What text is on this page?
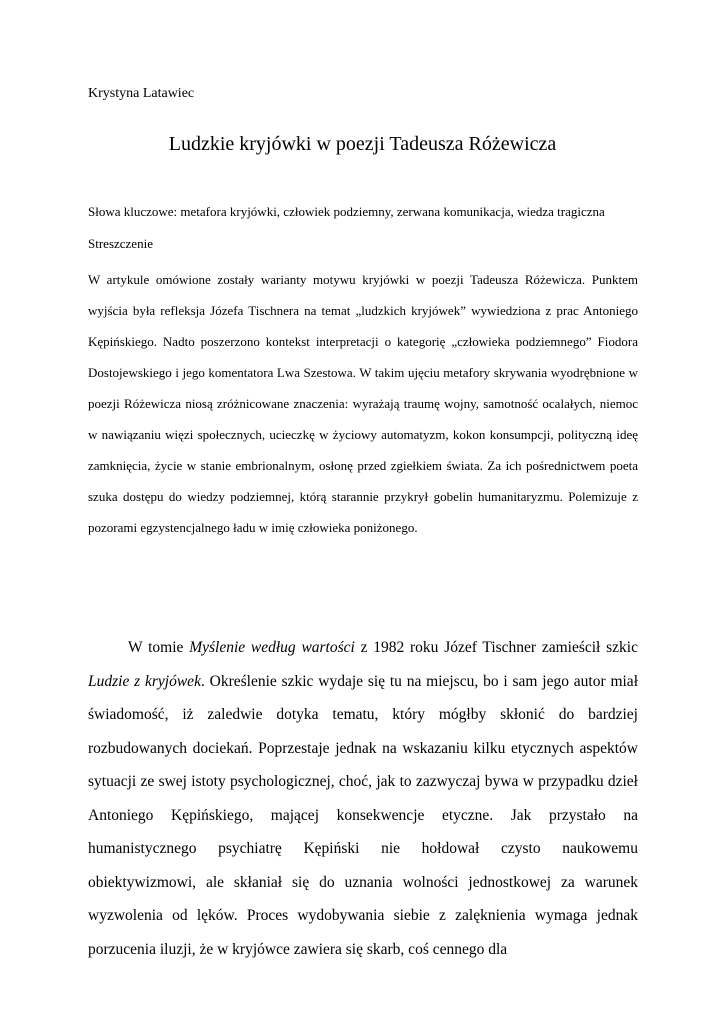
Krystyna Latawiec
Ludzkie kryjówki w poezji Tadeusza Różewicza
Słowa kluczowe: metafora kryjówki, człowiek podziemny, zerwana komunikacja, wiedza tragiczna
Streszczenie

W artykule omówione zostały warianty motywu kryjówki w poezji Tadeusza Różewicza. Punktem wyjścia była refleksja Józefa Tischnera na temat „ludzkich kryjówek” wywiedziona z prac Antoniego Kępińskiego. Nadto poszerzono kontekst interpretacji o kategorię „człowieka podziemnego” Fiodora Dostojewskiego i jego komentatora Lwa Szestowa. W takim ujęciu metafory skrywania wyodrębnione w poezji Różewicza niosą zróżnicowane znaczenia: wyrażają traumę wojny, samotność ocalałych, niemoc w nawiązaniu więzi społecznych, ucieczkę w życiowy automatyzm, kokon konsumpcji, polityczną ideę zamknięcia, życie w stanie embrionalnym, osłonę przed zgiełkiem świata. Za ich pośrednictwem poeta szuka dostępu do wiedzy podziemnej, którą starannie przykrył gobelin humanitaryzmu. Polemizuje z pozorami egzystencjalnego ładu w imię człowieka poniżonego.

W tomie Myślenie według wartości z 1982 roku Józef Tischner zamieścił szkic Ludzie z kryjówek. Określenie szkic wydaje się tu na miejscu, bo i sam jego autor miał świadomość, iż zaledwie dotyka tematu, który mógłby skłonić do bardziej rozbudowanych dociekań. Poprzestaje jednak na wskazaniu kilku etycznych aspektów sytuacji ze swej istoty psychologicznej, choć, jak to zazwyczaj bywa w przypadku dzieł Antoniego Kępińskiego, mającej konsekwencje etyczne. Jak przystało na humanistycznego psychiatrę Kępiński nie hołdował czysto naukowemu obiektywizmowi, ale skłaniał się do uznania wolności jednostkowej za warunek wyzwolenia od lęków. Proces wydobywania siebie z zalęknienia wymaga jednak porzucenia iluzji, że w kryjówce zawiera się skarb, coś cennego dla
